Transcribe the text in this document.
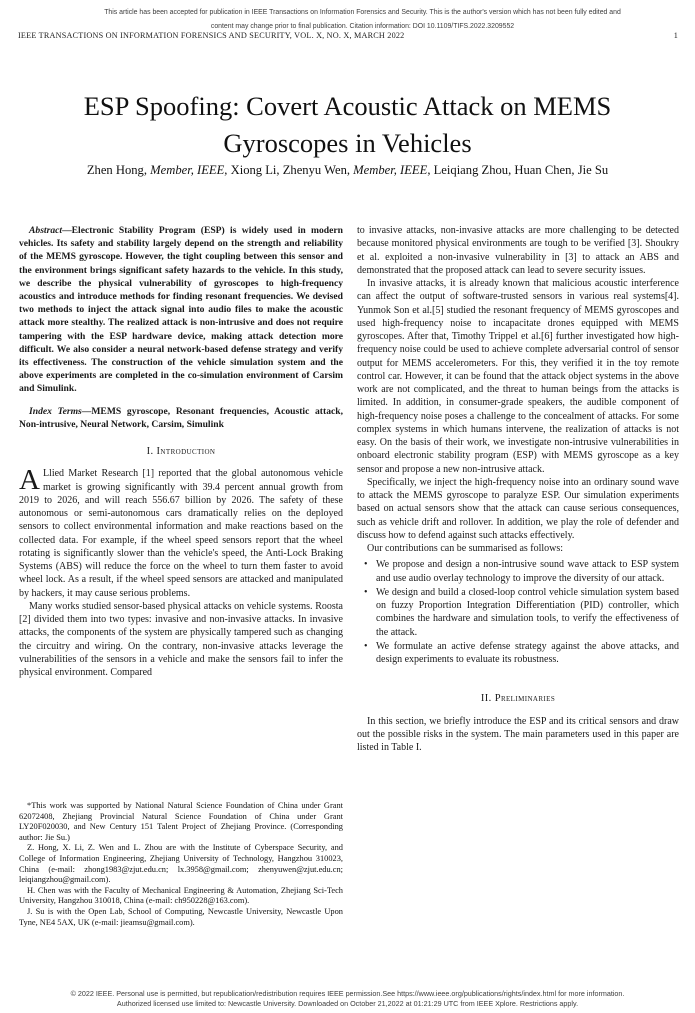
This article has been accepted for publication in IEEE Transactions on Information Forensics and Security. This is the author's version which has not been fully edited and
content may change prior to final publication. Citation information: DOI 10.1109/TIFS.2022.3209552
IEEE TRANSACTIONS ON INFORMATION FORENSICS AND SECURITY, VOL. X, NO. X, MARCH 2022	1
ESP Spoofing: Covert Acoustic Attack on MEMS Gyroscopes in Vehicles
Zhen Hong, Member, IEEE, Xiong Li, Zhenyu Wen, Member, IEEE, Leiqiang Zhou, Huan Chen, Jie Su

Abstract—Electronic Stability Program (ESP) is widely used in modern vehicles. Its safety and stability largely depend on the strength and reliability of the MEMS gyroscope. However, the tight coupling between this sensor and the environment brings significant safety hazards to the vehicle. In this study, we describe the physical vulnerability of gyroscopes to high-frequency acoustics and introduce methods for finding resonant frequencies. We devised two methods to inject the attack signal into audio files to make the acoustic attack more stealthy. The realized attack is non-intrusive and does not require tampering with the ESP hardware device, making attack detection more difficult. We also consider a neural network-based defense strategy and verify its effectiveness. The construction of the vehicle simulation system and the above experiments are completed in the co-simulation environment of Carsim and Simulink.

Index Terms—MEMS gyroscope, Resonant frequencies, Acoustic attack, Non-intrusive, Neural Network, Carsim, Simulink

I. Introduction

A Llied Market Research [1] reported that the global autonomous vehicle market is growing significantly with 39.4 percent annual growth from 2019 to 2026, and will reach 556.67 billion by 2026. The safety of these autonomous or semi-autonomous cars dramatically relies on the deployed sensors to collect environmental information and make reactions based on the collected data. For example, if the wheel speed sensors report that the wheel rotating is significantly slower than the vehicle's speed, the Anti-Lock Braking Systems (ABS) will reduce the force on the wheel to turn them faster to avoid wheel lock. As a result, if the wheel speed sensors are attacked and manipulated by hackers, it may cause serious problems.

Many works studied sensor-based physical attacks on vehicle systems. Roosta [2] divided them into two types: invasive and non-invasive attacks. In invasive attacks, the components of the system are physically tampered such as changing the circuitry and wiring. On the contrary, non-invasive attacks leverage the vulnerabilities of the sensors in a vehicle and make the sensors fail to infer the physical environment. Compared

*This work was supported by National Natural Science Foundation of China under Grant 62072408, Zhejiang Provincial Natural Science Foundation of China under Grant LY20F020030, and New Century 151 Talent Project of Zhejiang Province. (Corresponding author: Jie Su.)

Z. Hong, X. Li, Z. Wen and L. Zhou are with the Institute of Cyberspace Security, and College of Information Engineering, Zhejiang University of Technology, Hangzhou 310023, China (e-mail: zhong1983@zjut.edu.cn; lx.3958@gmail.com; zhenyuwen@zjut.edu.cn; leiqiangzhou@gmail.com).

H. Chen was with the Faculty of Mechanical Engineering & Automation, Zhejiang Sci-Tech University, Hangzhou 310018, China (e-mail: ch950228@163.com).

J. Su is with the Open Lab, School of Computing, Newcastle University, Newcastle Upon Tyne, NE4 5AX, UK (e-mail: jieamsu@gmail.com).

to invasive attacks, non-invasive attacks are more challenging to be detected because monitored physical environments are tough to be verified [3]. Shoukry et al. exploited a non-invasive vulnerability in [3] to attack an ABS and demonstrated that the proposed attack can lead to severe security issues.

In invasive attacks, it is already known that malicious acoustic interference can affect the output of software-trusted sensors in various real systems[4]. Yunmok Son et al.[5] studied the resonant frequency of MEMS gyroscopes and used high-frequency noise to incapacitate drones equipped with MEMS gyroscopes. After that, Timothy Trippel et al.[6] further investigated how high-frequency noise could be used to achieve complete adversarial control of sensor output for MEMS accelerometers. For this, they verified it in the toy remote control car. However, it can be found that the attack object systems in the above work are not complicated, and the threat to human beings from the attacks is limited. In addition, in consumer-grade speakers, the audible component of high-frequency noise poses a challenge to the concealment of attacks. For some complex systems in which humans intervene, the realization of attacks is not easy. On the basis of their work, we investigate non-intrusive vulnerabilities in onboard electronic stability program (ESP) with MEMS gyroscope as a key sensor and propose a new non-intrusive attack.

Specifically, we inject the high-frequency noise into an ordinary sound wave to attack the MEMS gyroscope to paralyze ESP. Our simulation experiments based on actual sensors show that the attack can cause serious consequences, such as vehicle drift and rollover. In addition, we play the role of defender and discuss how to defend against such attacks effectively.

Our contributions can be summarised as follows:

• We propose and design a non-intrusive sound wave attack to ESP system and use audio overlay technology to improve the diversity of our attack.
• We design and build a closed-loop control vehicle simulation system based on fuzzy Proportion Integration Differentiation (PID) controller, which combines the hardware and simulation tools, to verify the effectiveness of the attack.
• We formulate an active defense strategy against the above attacks, and design experiments to evaluate its robustness.
II. Preliminaries

In this section, we briefly introduce the ESP and its critical sensors and draw out the possible risks in the system. The main parameters used in this paper are listed in Table I.

© 2022 IEEE. Personal use is permitted, but republication/redistribution requires IEEE permission.See https://www.ieee.org/publications/rights/index.html for more information.
Authorized licensed use limited to: Newcastle University. Downloaded on October 21,2022 at 01:21:29 UTC from IEEE Xplore. Restrictions apply.
